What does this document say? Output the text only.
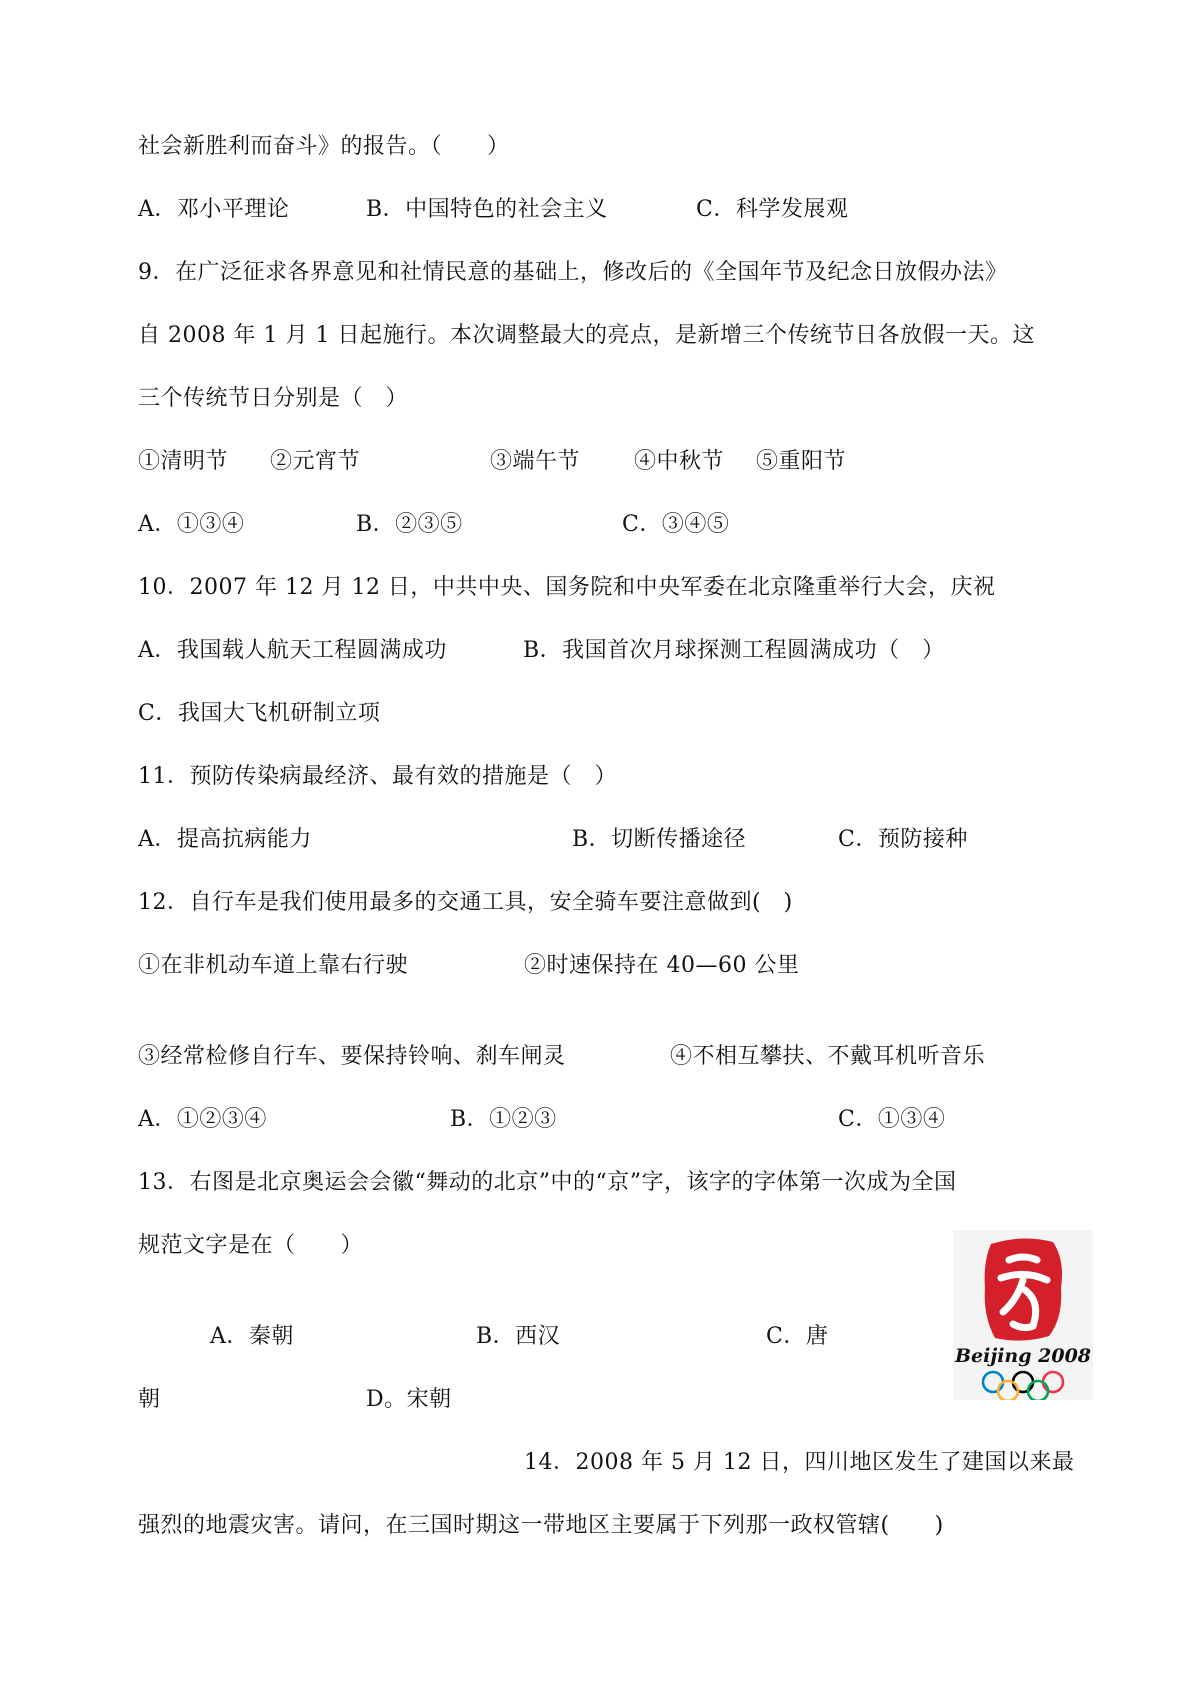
社会新胜利而奋斗》的报告。（　　）
A．邓小平理论	B．中国特色的社会主义	C．科学发展观
9．在广泛征求各界意见和社情民意的基础上，修改后的《全国年节及纪念日放假办法》
自 2008 年 1 月 1 日起施行。本次调整最大的亮点，是新增三个传统节日各放假一天。这
三个传统节日分别是（　）
①清明节 ②元宵节	③端午节 ④中秋节 ⑤重阳节
A．①③④	B．②③⑤	C．③④⑤
10．2007 年 12 月 12 日，中共中央、国务院和中央军委在北京隆重举行大会，庆祝
A．我国载人航天工程圆满成功	B．我国首次月球探测工程圆满成功（　）
C．我国大飞机研制立项
11．预防传染病最经济、最有效的措施是（　）
A．提高抗病能力	B．切断传播途径	C．预防接种
12．自行车是我们使用最多的交通工具，安全骑车要注意做到(　)
①在非机动车道上靠右行驶	②时速保持在 40—60 公里
③经常检修自行车、要保持铃响、刹车闸灵	④不相互攀扶、不戴耳机听音乐
A．①②③④	B．①②③	C．①③④
13．右图是北京奥运会会徽“舞动的北京”中的“京”字，该字的字体第一次成为全国
规范文字是在（　　）
A．秦朝	B．西汉	C．唐
朝	D。宋朝
Beijing 2008
14．2008 年 5 月 12 日，四川地区发生了建国以来最
强烈的地震灾害。请问，在三国时期这一带地区主要属于下列那一政权管辖(　　)
